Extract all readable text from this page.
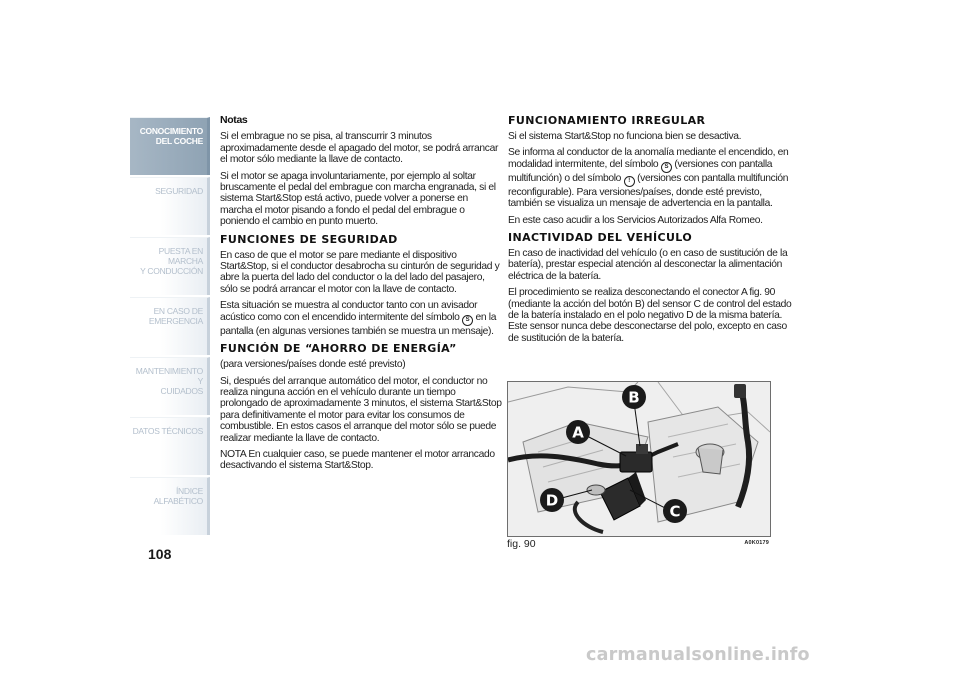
CONOCIMIENTO
DEL COCHE
SEGURIDAD
PUESTA EN MARCHA
Y CONDUCCIÓN
EN CASO DE
EMERGENCIA
MANTENIMIENTO Y
CUIDADOS
DATOS TÉCNICOS
ÍNDICE ALFABÉTICO
108
Notas

Si el embrague no se pisa, al transcurrir 3 minutos aproximadamente desde el apagado del motor, se podrá arrancar el motor sólo mediante la llave de contacto.

Si el motor se apaga involuntariamente, por ejemplo al soltar bruscamente el pedal del embrague con marcha engranada, si el sistema Start&Stop está activo, puede volver a ponerse en marcha el motor pisando a fondo el pedal del embrague o poniendo el cambio en punto muerto.

FUNCIONES DE SEGURIDAD

En caso de que el motor se pare mediante el dispositivo Start&Stop, si el conductor desabrocha su cinturón de seguridad y abre la puerta del lado del conductor o la del lado del pasajero, sólo se podrá arrancar el motor con la llave de contacto.

Esta situación se muestra al conductor tanto con un avisador acústico como con el encendido intermitente del símbolo S en la pantalla (en algunas versiones también se muestra un mensaje).

FUNCIÓN DE “AHORRO DE ENERGÍA”

(para versiones/países donde esté previsto)

Si, después del arranque automático del motor, el conductor no realiza ninguna acción en el vehículo durante un tiempo prolongado de aproximadamente 3 minutos, el sistema Start&Stop para definitivamente el motor para evitar los consumos de combustible. En estos casos el arranque del motor sólo se puede realizar mediante la llave de contacto.

NOTA En cualquier caso, se puede mantener el motor arrancado desactivando el sistema Start&Stop.

FUNCIONAMIENTO IRREGULAR

Si el sistema Start&Stop no funciona bien se desactiva.

Se informa al conductor de la anomalía mediante el encendido, en modalidad intermitente, del símbolo S (versiones con pantalla multifunción) o del símbolo ! (versiones con pantalla multifunción reconfigurable). Para versiones/países, donde esté previsto, también se visualiza un mensaje de advertencia en la pantalla.

En este caso acudir a los Servicios Autorizados Alfa Romeo.

INACTIVIDAD DEL VEHÍCULO

En caso de inactividad del vehículo (o en caso de sustitución de la batería), prestar especial atención al desconectar la alimentación eléctrica de la batería.

El procedimiento se realiza desconectando el conector A fig. 90 (mediante la acción del botón B) del sensor C de control del estado de la batería instalado en el polo negativo D de la misma batería. Este sensor nunca debe desconectarse del polo, excepto en caso de sustitución de la batería.

A
B
C
D
fig. 90	A0K0179
carmanualsonline.info
